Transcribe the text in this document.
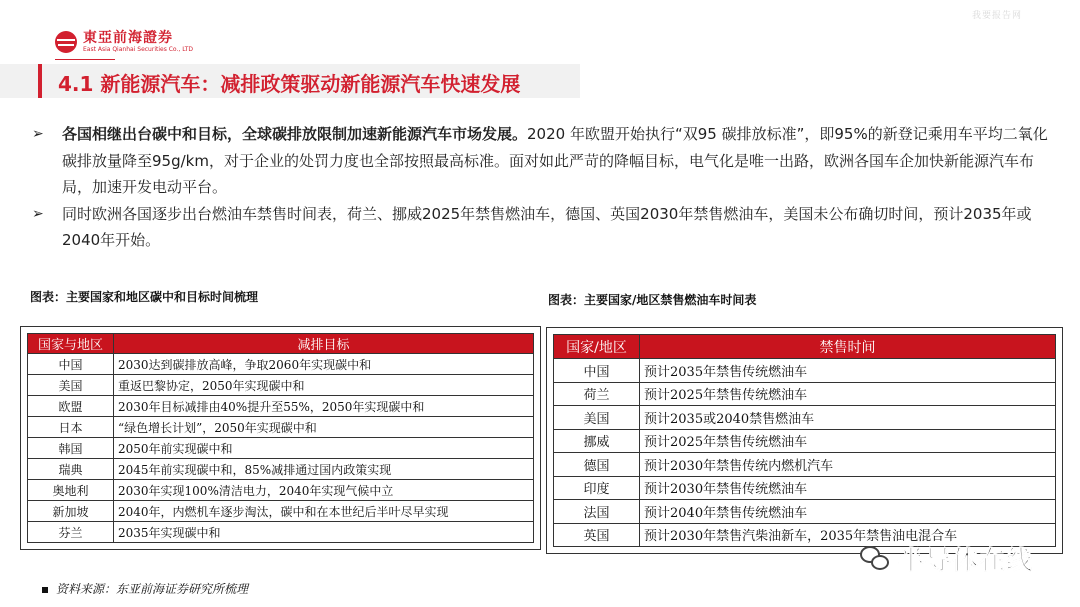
東亞前海證券
East Asia Qianhai Securities Co., LTD
我要报告网
4.1 新能源汽车：减排政策驱动新能源汽车快速发展
➢ 各国相继出台碳中和目标，全球碳排放限制加速新能源汽车市场发展。2020 年欧盟开始执行“双95 碳排放标准”，即95%的新登记乘用车平均二氧化碳排放量降至95g/km，对于企业的处罚力度也全部按照最高标准。面对如此严苛的降幅目标，电气化是唯一出路，欧洲各国车企加快新能源汽车布局，加速开发电动平台。
➢ 同时欧洲各国逐步出台燃油车禁售时间表，荷兰、挪威2025年禁售燃油车，德国、英国2030年禁售燃油车，美国未公布确切时间，预计2035年或2040年开始。
图表：主要国家和地区碳中和目标时间梳理
国家与地区	减排目标
中国	2030达到碳排放高峰，争取2060年实现碳中和
美国	重返巴黎协定，2050年实现碳中和
欧盟	2030年目标减排由40%提升至55%，2050年实现碳中和
日本	“绿色增长计划”，2050年实现碳中和
韩国	2050年前实现碳中和
瑞典	2045年前实现碳中和，85%减排通过国内政策实现
奥地利	2030年实现100%清洁电力，2040年实现气候中立
新加坡	2040年，内燃机车逐步淘汰，碳中和在本世纪后半叶尽早实现
芬兰	2035年实现碳中和
图表：主要国家/地区禁售燃油车时间表
国家/地区	禁售时间
中国	预计2035年禁售传统燃油车
荷兰	预计2025年禁售传统燃油车
美国	预计2035或2040禁售燃油车
挪威	预计2025年禁售传统燃油车
德国	预计2030年禁售传统内燃机汽车
印度	预计2030年禁售传统燃油车
法国	预计2040年禁售传统燃油车
英国	预计2030年禁售汽柴油新车，2035年禁售油电混合车
资料来源：东亚前海证券研究所梳理
半导体在线
